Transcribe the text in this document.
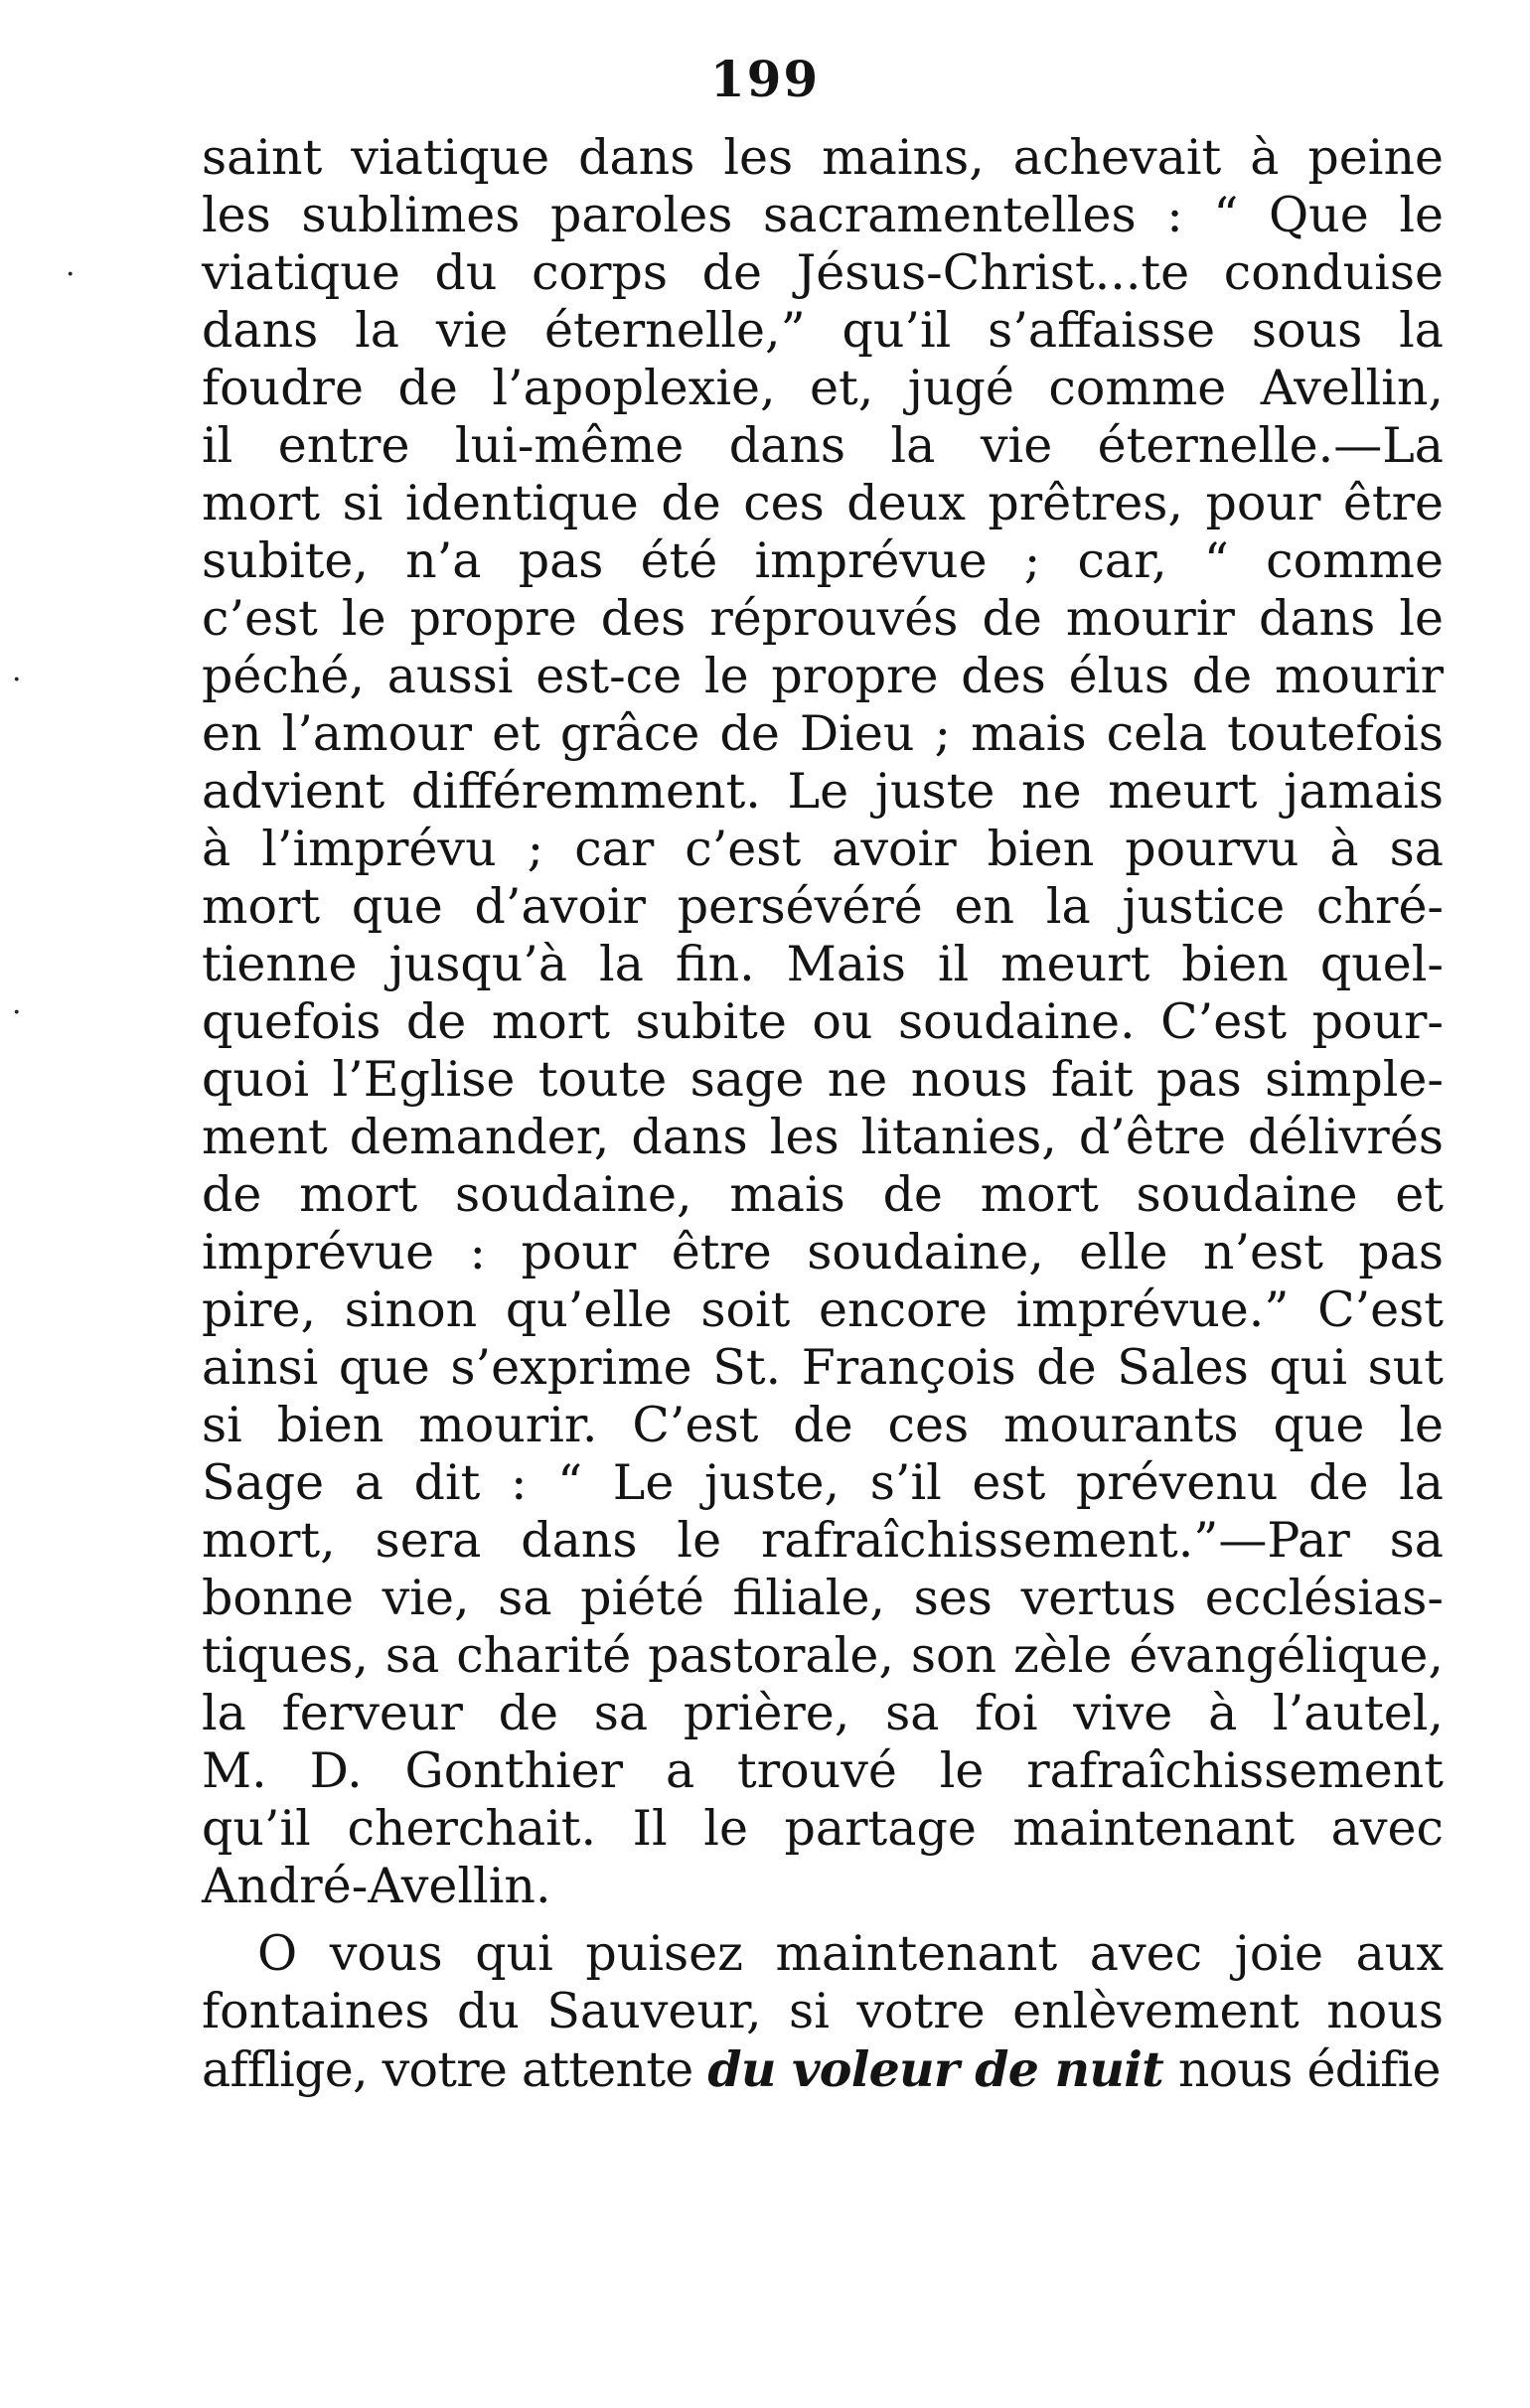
199
·
·
·
saint viatique dans les mains, achevait à peine
les sublimes paroles sacramentelles : “ Que le
viatique du corps de Jésus-Christ...te conduise
dans la vie éternelle,” qu’il s’affaisse sous la
foudre de l’apoplexie, et, jugé comme Avellin,
il entre lui-même dans la vie éternelle.—La
mort si identique de ces deux prêtres, pour être
subite, n’a pas été imprévue ; car, “ comme
c’est le propre des réprouvés de mourir dans le
péché, aussi est-ce le propre des élus de mourir
en l’amour et grâce de Dieu ; mais cela toutefois
advient différemment. Le juste ne meurt jamais
à l’imprévu ; car c’est avoir bien pourvu à sa
mort que d’avoir persévéré en la justice chré-
tienne jusqu’à la fin. Mais il meurt bien quel-
quefois de mort subite ou soudaine. C’est pour-
quoi l’Eglise toute sage ne nous fait pas simple-
ment demander, dans les litanies, d’être délivrés
de mort soudaine, mais de mort soudaine et
imprévue : pour être soudaine, elle n’est pas
pire, sinon qu’elle soit encore imprévue.” C’est
ainsi que s’exprime St. François de Sales qui sut
si bien mourir. C’est de ces mourants que le
Sage a dit : “ Le juste, s’il est prévenu de la
mort, sera dans le rafraîchissement.”—Par sa
bonne vie, sa piété filiale, ses vertus ecclésias-
tiques, sa charité pastorale, son zèle évangélique,
la ferveur de sa prière, sa foi vive à l’autel,
M. D. Gonthier a trouvé le rafraîchissement
qu’il cherchait. Il le partage maintenant avec
André-Avellin.
O vous qui puisez maintenant avec joie aux
fontaines du Sauveur, si votre enlèvement nous
afflige, votre attente du voleur de nuit nous édifie
